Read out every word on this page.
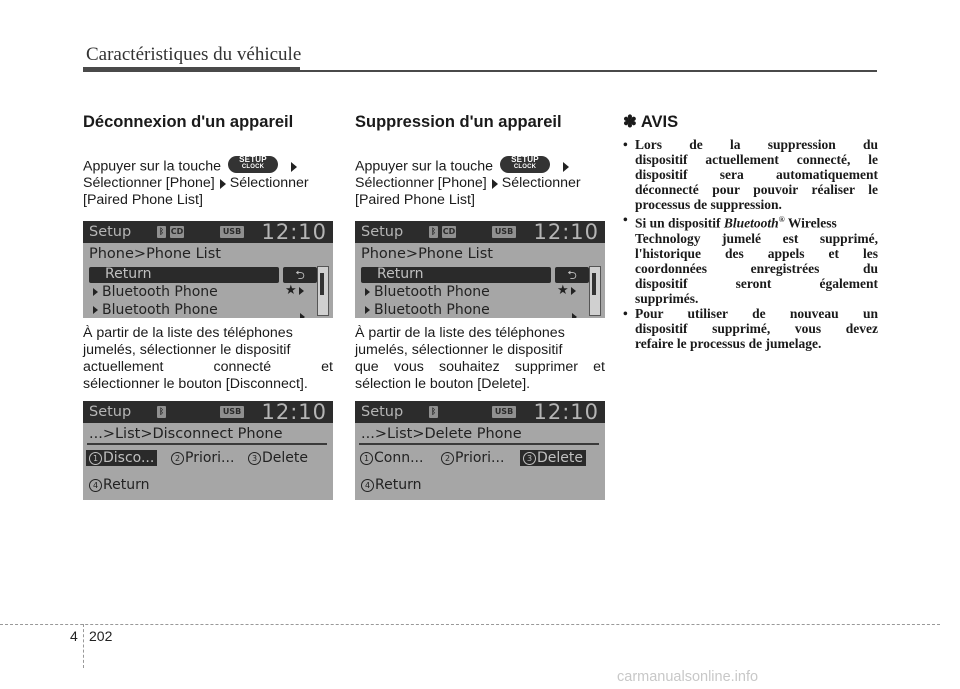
Caractéristiques du véhicule
Déconnexion d'un appareil
Appuyer sur la touche	SETUP
CLOCK

Sélectionner [Phone] Sélectionner
[Paired Phone List]
Setup	ᛒ CD	USB 12:10
Phone>Phone List
Return	⮌
Bluetooth Phone	★
Bluetooth Phone
À partir de la liste des téléphones
jumelés, sélectionner le dispositif
actuellement connecté et
sélectionner le bouton [Disconnect].
Setup	ᛒ	USB 12:10
...>List>Disconnect Phone
1 Disco...	2 Priori...	3 Delete
4 Return
Suppression d'un appareil
Appuyer sur la touche	SETUP
CLOCK

Sélectionner [Phone] Sélectionner
[Paired Phone List]
Setup	ᛒ CD	USB 12:10
Phone>Phone List
Return	⮌
Bluetooth Phone	★
Bluetooth Phone
À partir de la liste des téléphones
jumelés, sélectionner le dispositif
que vous souhaitez supprimer et
sélection le bouton [Delete].
Setup	ᛒ	USB 12:10
...>List>Delete Phone
1 Conn...	2 Priori...	3 Delete
4 Return
✽ AVIS
• Lors de la suppression du
dispositif actuellement connecté, le
dispositif sera automatiquement
déconnecté pour pouvoir réaliser le
processus de suppression.
• Si un dispositif Bluetooth® Wireless
Technology jumelé est supprimé,
l'historique des appels et les
coordonnées enregistrées du
dispositif seront également
supprimés.
• Pour utiliser de nouveau un
dispositif supprimé, vous devez
refaire le processus de jumelage.
4 202
carmanualsonline.info
